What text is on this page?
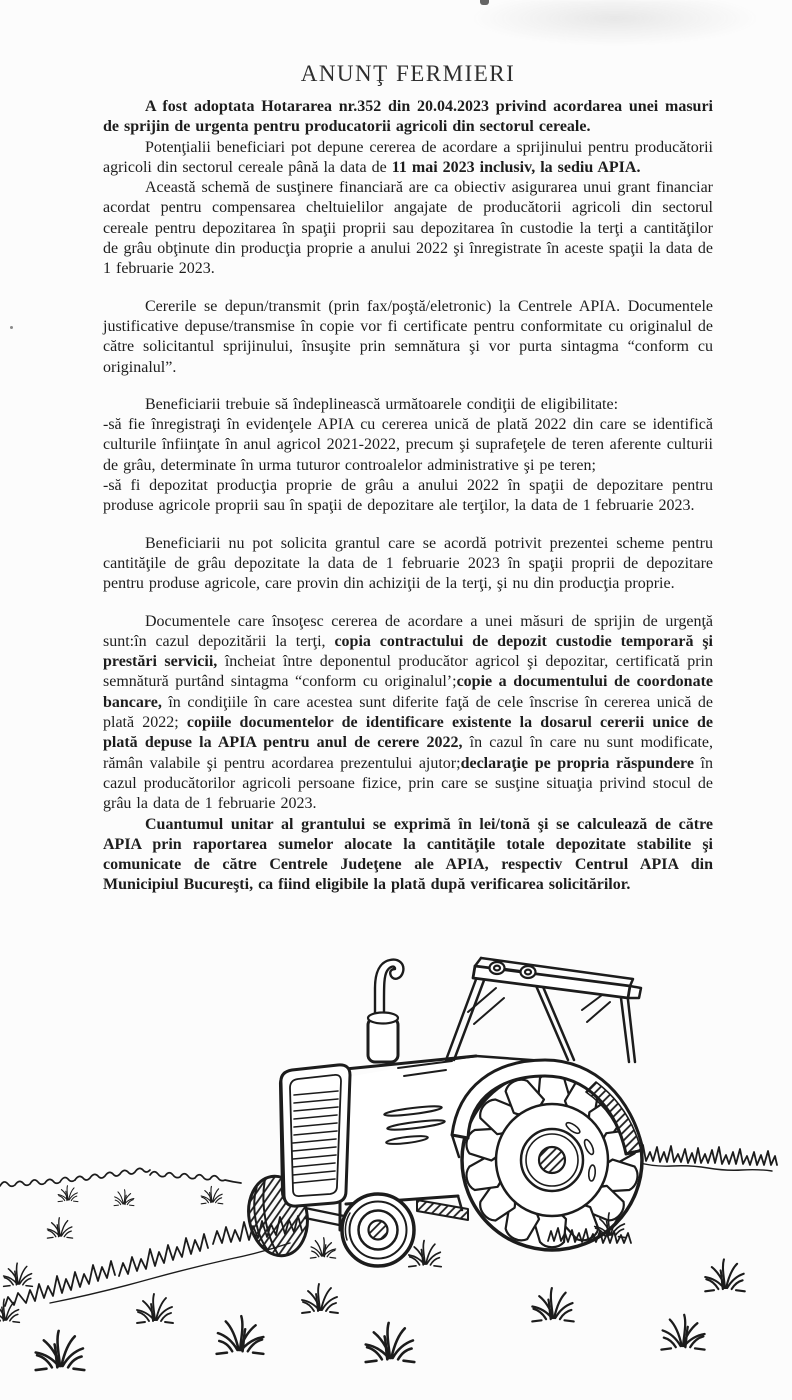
ANUNŢ FERMIERI

A fost adoptata Hotararea nr.352 din 20.04.2023 privind acordarea unei masuri de sprijin de urgenta pentru producatorii agricoli din sectorul cereale.

Potenţialii beneficiari pot depune cererea de acordare a sprijinului pentru producătorii agricoli din sectorul cereale până la data de 11 mai 2023 inclusiv, la sediu APIA.

Această schemă de susţinere financiară are ca obiectiv asigurarea unui grant financiar acordat pentru compensarea cheltuielilor angajate de producătorii agricoli din sectorul cereale pentru depozitarea în spaţii proprii sau depozitarea în custodie la terţi a cantităţilor de grâu obţinute din producţia proprie a anului 2022 şi înregistrate în aceste spaţii la data de 1 februarie 2023.

Cererile se depun/transmit (prin fax/poştă/eletronic) la Centrele APIA. Documentele justificative depuse/transmise în copie vor fi certificate pentru conformitate cu originalul de către solicitantul sprijinului, însuşite prin semnătura şi vor purta sintagma “conform cu originalul”.

Beneficiarii trebuie să îndeplinească următoarele condiţii de eligibilitate:

-să fie înregistraţi în evidenţele APIA cu cererea unică de plată 2022 din care se identifică culturile înfiinţate în anul agricol 2021-2022, precum şi suprafeţele de teren aferente culturii de grâu, determinate în urma tuturor controalelor administrative şi pe teren;

-să fi depozitat producţia proprie de grâu a anului 2022 în spaţii de depozitare pentru produse agricole proprii sau în spaţii de depozitare ale terţilor, la data de 1 februarie 2023.

Beneficiarii nu pot solicita grantul care se acordă potrivit prezentei scheme pentru cantităţile de grâu depozitate la data de 1 februarie 2023 în spaţii proprii de depozitare pentru produse agricole, care provin din achiziţii de la terţi, şi nu din producţia proprie.

Documentele care însoţesc cererea de acordare a unei măsuri de sprijin de urgenţă sunt:în cazul depozitării la terţi, copia contractului de depozit custodie temporară şi prestări servicii, încheiat între deponentul producător agricol şi depozitar, certificată prin semnătură purtând sintagma “conform cu originalul’;copie a documentului de coordonate bancare, în condiţiile în care acestea sunt diferite faţă de cele înscrise în cererea unică de plată 2022; copiile documentelor de identificare existente la dosarul cererii unice de plată depuse la APIA pentru anul de cerere 2022, în cazul în care nu sunt modificate, rămân valabile şi pentru acordarea prezentului ajutor;declaraţie pe propria răspundere în cazul producătorilor agricoli persoane fizice, prin care se susţine situaţia privind stocul de grâu la data de 1 februarie 2023.

Cuantumul unitar al grantului se exprimă în lei/tonă şi se calculează de către APIA prin raportarea sumelor alocate la cantităţile totale depozitate stabilite şi comunicate de către Centrele Judeţene ale APIA, respectiv Centrul APIA din Municipiul Bucureşti, ca fiind eligibile la plată după verificarea solicitărilor.
